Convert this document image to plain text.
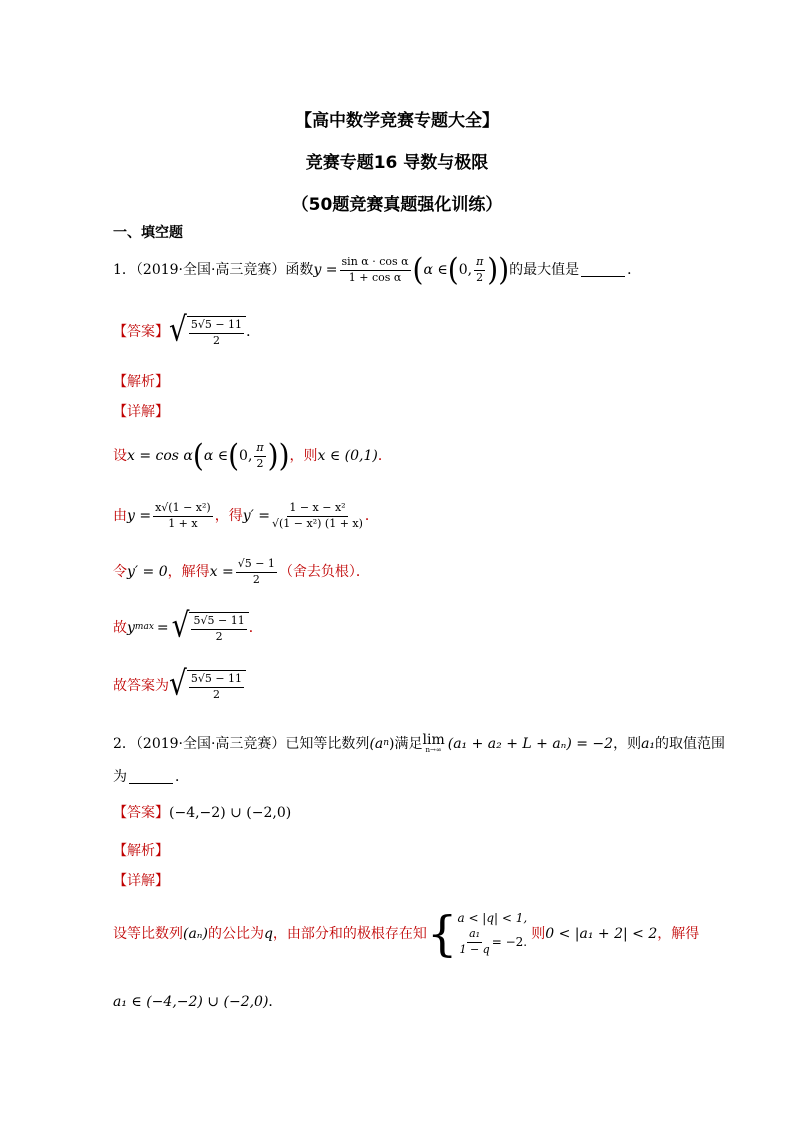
【高中数学竞赛专题大全】
竞赛专题16 导数与极限
（50题竞赛真题强化训练）
一、填空题
1．（2019·全国·高三竞赛）函数 $y = \frac{\text{sin α · cos α}}{\text{1 + cos α}}$ ( α ∈ ( 0, $\frac{\pi}{2}$ ) ) 的最大值是	．
【答案】 √ $\frac{5√5 - 11}{2}$ ．
【解析】
【详解】
设 x = cos α ( α ∈ ( 0, $\frac{\pi}{2}$ ) ) ，则 x ∈ (0,1) ．
由 $y = \frac{\text{x√(1 − x²)}}{1 + x}$ ，得 $y' = \frac{\text{1 − x − x²}}{\text{√(1 − x²) (1 + x)}}$ ．
令 y′ = 0 ，解得 $x = \frac{√5 - 1}{2}$ （舍去负根）．
故 y max = √ $\frac{5√5 - 11}{2}$ ．
故答案为 √ $\frac{5√5 - 11}{2}$
2．（2019·全国·高三竞赛）已知等比数列 (a n ) 满足 lim
n→∞ (a₁ + a₂ + L + aₙ) = −2 ，则 a₁ 的取值范围
为	．
【答案】 (−4,−2) ∪ (−2,0)
【解析】
【详解】
设等比数列 (aₙ) 的公比为 q ，由部分和的极根存在知 { a < |q| < 1,
$\frac{\text{a₁}}{1 - q} = -2$. 则 0 < |a₁ + 2| < 2 ，解得
a₁ ∈ (−4,−2) ∪ (−2,0) ．
